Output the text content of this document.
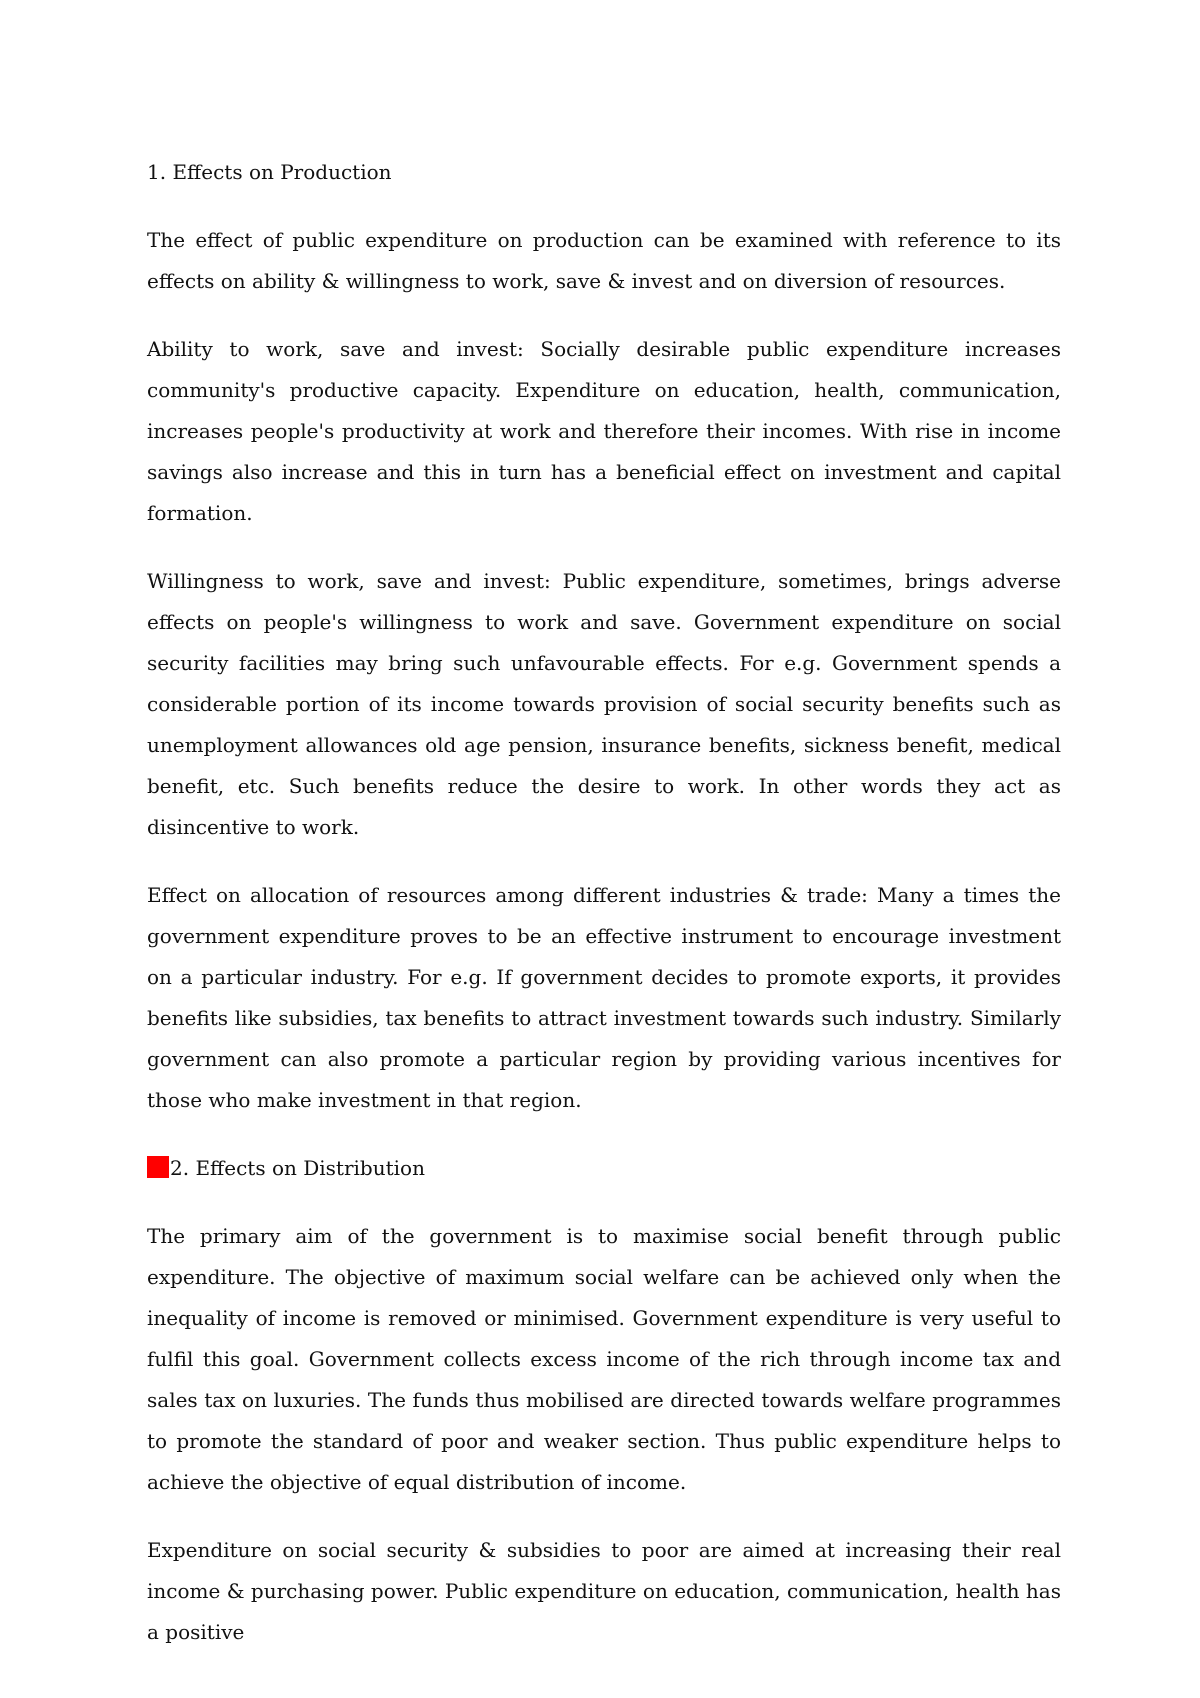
1. Effects on Production
The effect of public expenditure on production can be examined with reference to its effects on ability & willingness to work, save & invest and on diversion of resources.
Ability to work, save and invest: Socially desirable public expenditure increases community's productive capacity. Expenditure on education, health, communication, increases people's productivity at work and therefore their incomes. With rise in income savings also increase and this in turn has a beneficial effect on investment and capital formation.
Willingness to work, save and invest: Public expenditure, sometimes, brings adverse effects on people's willingness to work and save. Government expenditure on social security facilities may bring such unfavourable effects. For e.g. Government spends a considerable portion of its income towards provision of social security benefits such as unemployment allowances old age pension, insurance benefits, sickness benefit, medical benefit, etc. Such benefits reduce the desire to work. In other words they act as disincentive to work.
Effect on allocation of resources among different industries & trade: Many a times the government expenditure proves to be an effective instrument to encourage investment on a particular industry. For e.g. If government decides to promote exports, it provides benefits like subsidies, tax benefits to attract investment towards such industry. Similarly government can also promote a particular region by providing various incentives for those who make investment in that region.
2. Effects on Distribution
The primary aim of the government is to maximise social benefit through public expenditure. The objective of maximum social welfare can be achieved only when the inequality of income is removed or minimised. Government expenditure is very useful to fulfil this goal. Government collects excess income of the rich through income tax and sales tax on luxuries. The funds thus mobilised are directed towards welfare programmes to promote the standard of poor and weaker section. Thus public expenditure helps to achieve the objective of equal distribution of income.
Expenditure on social security & subsidies to poor are aimed at increasing their real income & purchasing power. Public expenditure on education, communication, health has a positive
